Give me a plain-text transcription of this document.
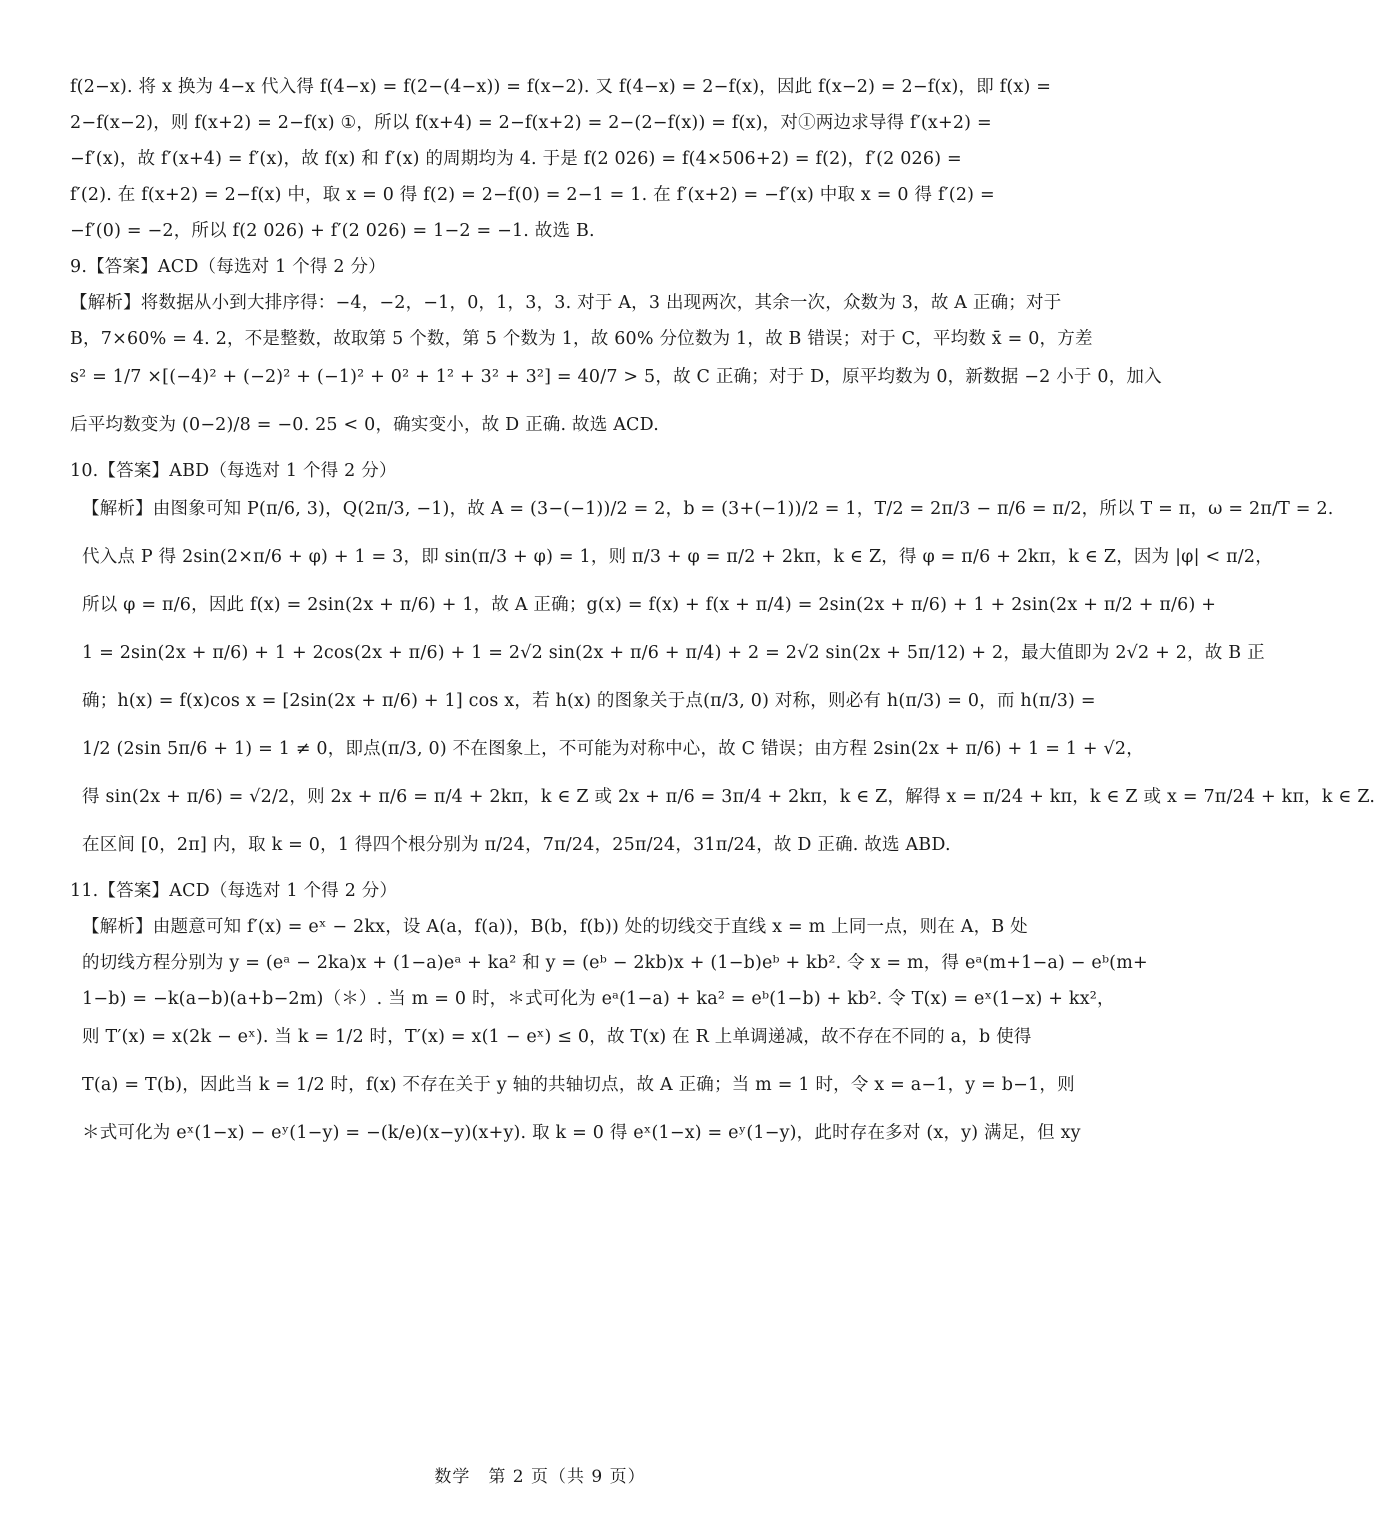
f(2−x). 将 x 换为 4−x 代入得 f(4−x) = f(2−(4−x)) = f(x−2). 又 f(4−x) = 2−f(x)，因此 f(x−2) = 2−f(x)，即 f(x) =
2−f(x−2)，则 f(x+2) = 2−f(x) ①，所以 f(x+4) = 2−f(x+2) = 2−(2−f(x)) = f(x)，对①两边求导得 f′(x+2) =
−f′(x)，故 f′(x+4) = f′(x)，故 f(x) 和 f′(x) 的周期均为 4. 于是 f(2 026) = f(4×506+2) = f(2)，f′(2 026) =
f′(2). 在 f(x+2) = 2−f(x) 中，取 x = 0 得 f(2) = 2−f(0) = 2−1 = 1. 在 f′(x+2) = −f′(x) 中取 x = 0 得 f′(2) =
−f′(0) = −2，所以 f(2 026) + f′(2 026) = 1−2 = −1. 故选 B.
9.【答案】ACD（每选对 1 个得 2 分）
【解析】将数据从小到大排序得：−4，−2，−1，0，1，3，3. 对于 A，3 出现两次，其余一次，众数为 3，故 A 正确；对于
B，7×60% = 4. 2，不是整数，故取第 5 个数，第 5 个数为 1，故 60% 分位数为 1，故 B 错误；对于 C，平均数 x̄ = 0，方差
s² = 1/7 ×[(−4)² + (−2)² + (−1)² + 0² + 1² + 3² + 3²] = 40/7 > 5，故 C 正确；对于 D，原平均数为 0，新数据 −2 小于 0，加入
后平均数变为 (0−2)/8 = −0. 25 < 0，确实变小，故 D 正确. 故选 ACD.
10.【答案】ABD（每选对 1 个得 2 分）
【解析】由图象可知 P(π/6, 3)，Q(2π/3, −1)，故 A = (3−(−1))/2 = 2，b = (3+(−1))/2 = 1，T/2 = 2π/3 − π/6 = π/2，所以 T = π，ω = 2π/T = 2.
代入点 P 得 2sin(2×π/6 + φ) + 1 = 3，即 sin(π/3 + φ) = 1，则 π/3 + φ = π/2 + 2kπ，k ∈ Z，得 φ = π/6 + 2kπ，k ∈ Z，因为 |φ| < π/2，
所以 φ = π/6，因此 f(x) = 2sin(2x + π/6) + 1，故 A 正确；g(x) = f(x) + f(x + π/4) = 2sin(2x + π/6) + 1 + 2sin(2x + π/2 + π/6) +
1 = 2sin(2x + π/6) + 1 + 2cos(2x + π/6) + 1 = 2√2 sin(2x + π/6 + π/4) + 2 = 2√2 sin(2x + 5π/12) + 2，最大值即为 2√2 + 2，故 B 正
确；h(x) = f(x)cos x = [2sin(2x + π/6) + 1] cos x，若 h(x) 的图象关于点(π/3, 0) 对称，则必有 h(π/3) = 0，而 h(π/3) =
1/2 (2sin 5π/6 + 1) = 1 ≠ 0，即点(π/3, 0) 不在图象上，不可能为对称中心，故 C 错误；由方程 2sin(2x + π/6) + 1 = 1 + √2，
得 sin(2x + π/6) = √2/2，则 2x + π/6 = π/4 + 2kπ，k ∈ Z 或 2x + π/6 = 3π/4 + 2kπ，k ∈ Z，解得 x = π/24 + kπ，k ∈ Z 或 x = 7π/24 + kπ，k ∈ Z.
在区间 [0，2π] 内，取 k = 0，1 得四个根分别为 π/24，7π/24，25π/24，31π/24，故 D 正确. 故选 ABD.
11.【答案】ACD（每选对 1 个得 2 分）
【解析】由题意可知 f′(x) = eˣ − 2kx，设 A(a，f(a))，B(b，f(b)) 处的切线交于直线 x = m 上同一点，则在 A，B 处
的切线方程分别为 y = (eᵃ − 2ka)x + (1−a)eᵃ + ka² 和 y = (eᵇ − 2kb)x + (1−b)eᵇ + kb². 令 x = m，得 eᵃ(m+1−a) − eᵇ(m+
1−b) = −k(a−b)(a+b−2m)（＊）. 当 m = 0 时，＊式可化为 eᵃ(1−a) + ka² = eᵇ(1−b) + kb². 令 T(x) = eˣ(1−x) + kx²，
则 T′(x) = x(2k − eˣ). 当 k = 1/2 时，T′(x) = x(1 − eˣ) ≤ 0，故 T(x) 在 R 上单调递减，故不存在不同的 a，b 使得
T(a) = T(b)，因此当 k = 1/2 时，f(x) 不存在关于 y 轴的共轴切点，故 A 正确；当 m = 1 时，令 x = a−1，y = b−1，则
＊式可化为 eˣ(1−x) − eʸ(1−y) = −(k/e)(x−y)(x+y). 取 k = 0 得 eˣ(1−x) = eʸ(1−y)，此时存在多对 (x，y) 满足，但 xy
数学　第 2 页（共 9 页）
